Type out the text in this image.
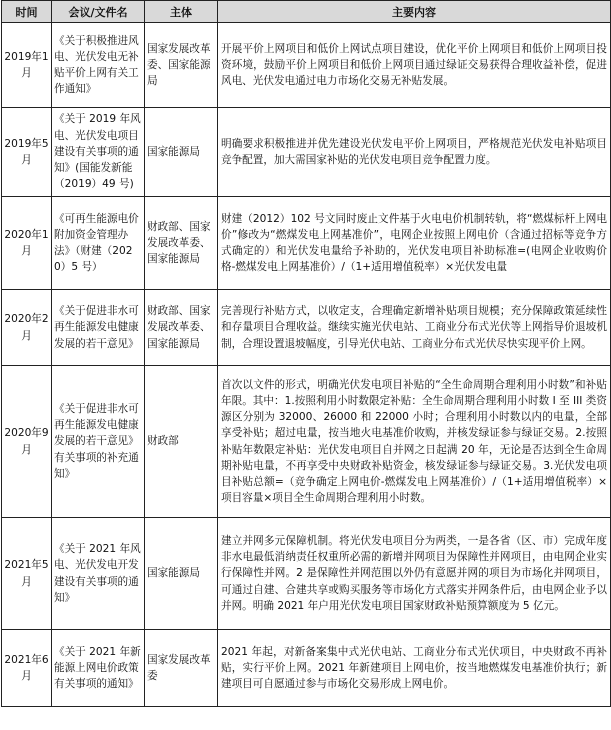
时间	会议/文件名	主体	主要内容
2019年1月	《关于积极推进风电、光伏发电无补贴平价上网有关工作通知》	国家发展改革委、国家能源局	开展平价上网项目和低价上网试点项目建设，优化平价上网项目和低价上网项目投资环境，鼓励平价上网项目和低价上网项目通过绿证交易获得合理收益补偿，促进风电、光伏发电通过电力市场化交易无补贴发展。
2019年5月	《关于 2019 年风电、光伏发电项目建设有关事项的通知》(国能发新能（2019）49 号)	国家能源局	明确要求积极推进并优先建设光伏发电平价上网项目，严格规范光伏发电补贴项目竞争配置，加大需国家补贴的光伏发电项目竞争配置力度。
2020年1月	《可再生能源电价附加资金管理办法》（财建（2020）5 号）	财政部、国家发展改革委、国家能源局	财建（2012）102 号文同时废止文件基于火电电价机制转轨，将“燃煤标杆上网电价”修改为“燃煤发电上网基准价”，电网企业按照上网电价（含通过招标等竞争方式确定的）和光伏发电量给予补助的，光伏发电项目补助标准=(电网企业收购价格-燃煤发电上网基准价）/（1+适用增值税率）×光伏发电量
2020年2月	《关于促进非水可再生能源发电健康发展的若干意见》	财政部、国家发展改革委、国家能源局	完善现行补贴方式，以收定支，合理确定新增补贴项目规模；充分保障政策延续性和存量项目合理收益。继续实施光伏电站、工商业分布式光伏等上网指导价退坡机制，合理设置退坡幅度，引导光伏电站、工商业分布式光伏尽快实现平价上网。
2020年9月	《关于促进非水可再生能源发电健康发展的若干意见》有关事项的补充通知》	财政部	首次以文件的形式，明确光伏发电项目补贴的“全生命周期合理利用小时数”和补贴年限。其中：1.按照利用小时数限定补贴：全生命周期合理利用小时数 I 至 III 类资源区分别为 32000、26000 和 22000 小时；合理利用小时数以内的电量，全部享受补贴；超过电量，按当地火电基准价收购，并核发绿证参与绿证交易。2.按照补贴年数限定补贴：光伏发电项目自并网之日起满 20 年，无论是否达到全生命周期补贴电量，不再享受中央财政补贴资金，核发绿证参与绿证交易。3.光伏发电项目补贴总额=（竞争确定上网电价-燃煤发电上网基准价）/（1+适用增值税率）×项目容量×项目全生命周期合理利用小时数。
2021年5月	《关于 2021 年风电、光伏发电开发建设有关事项的通知》	国家能源局	建立并网多元保障机制。将光伏发电项目分为两类，一是各省（区、市）完成年度非水电最低消纳责任权重所必需的新增并网项目为保障性并网项目，由电网企业实行保障性并网。2 是保障性并网范围以外仍有意愿并网的项目为市场化并网项目，可通过自建、合建共享或购买服务等市场化方式落实并网条件后，由电网企业予以并网。明确 2021 年户用光伏发电项目国家财政补贴预算额度为 5 亿元。
2021年6月	《关于 2021 年新能源上网电价政策有关事项的通知》	国家发展改革委	2021 年起，对新备案集中式光伏电站、工商业分布式光伏项目，中央财政不再补贴，实行平价上网。2021 年新建项目上网电价，按当地燃煤发电基准价执行；新建项目可自愿通过参与市场化交易形成上网电价。
